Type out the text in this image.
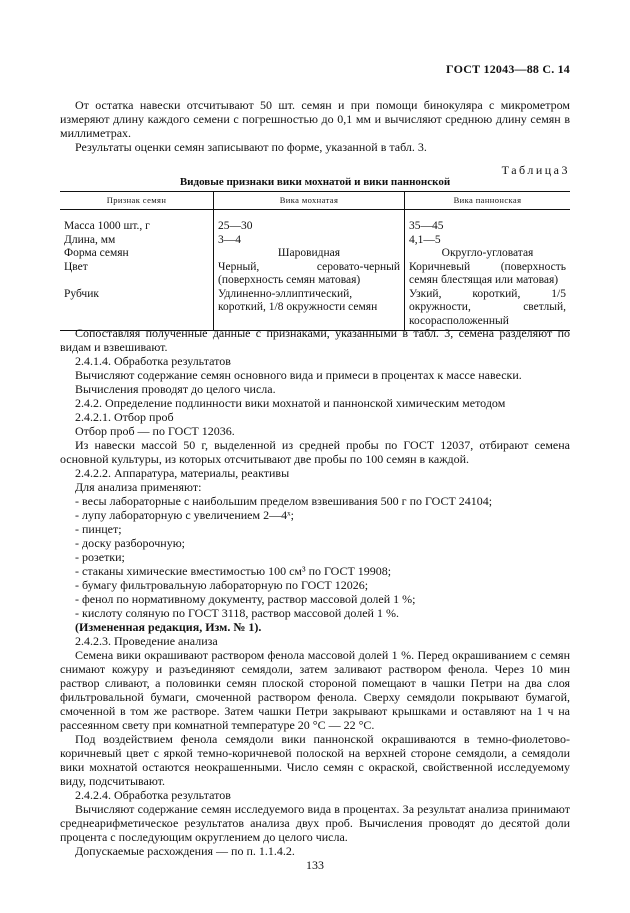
ГОСТ 12043—88 С. 14

От остатка навески отсчитывают 50 шт. семян и при помощи бинокуляра с микрометром измеряют длину каждого семени с погрешностью до 0,1 мм и вычисляют среднюю длину семян в миллиметрах.

Результаты оценки семян записывают по форме, указанной в табл. 3.

Таблица3
Видовые признаки вики мохнатой и вики паннонской
Признак семян	Вика мохнатая	Вика паннонская

Масса 1000 шт., г	25—30	35—45
Длина, мм	3—4	4,1—5
Форма семян	Шаровидная	Округло-угловатая
Цвет	Черный, серовато-черный (поверхность семян матовая)	Коричневый (поверхность семян блестящая или матовая)
Рубчик	Удлиненно-эллиптический, короткий, 1/8 окружности семян	Узкий, короткий, 1/5 окружности, светлый, косорасположенный

Сопоставляя полученные данные с признаками, указанными в табл. 3, семена разделяют по видам и взвешивают.

2.4.1.4. Обработка результатов

Вычисляют содержание семян основного вида и примеси в процентах к массе навески.

Вычисления проводят до целого числа.

2.4.2. Определение подлинности вики мохнатой и паннонской химическим методом

2.4.2.1. Отбор проб

Отбор проб — по ГОСТ 12036.

Из навески массой 50 г, выделенной из средней пробы по ГОСТ 12037, отбирают семена основной культуры, из которых отсчитывают две пробы по 100 семян в каждой.

2.4.2.2. Аппаратура, материалы, реактивы

Для анализа применяют:

- весы лабораторные с наибольшим пределом взвешивания 500 г по ГОСТ 24104;

- лупу лабораторную с увеличением 2—4ˣ;

- пинцет;

- доску разборочную;

- розетки;

- стаканы химические вместимостью 100 см³ по ГОСТ 19908;

- бумагу фильтровальную лабораторную по ГОСТ 12026;

- фенол по нормативному документу, раствор массовой долей 1 %;

- кислоту соляную по ГОСТ 3118, раствор массовой долей 1 %.

(Измененная редакция, Изм. № 1).

2.4.2.3. Проведение анализа

Семена вики окрашивают раствором фенола массовой долей 1 %. Перед окрашиванием с семян снимают кожуру и разъединяют семядоли, затем заливают раствором фенола. Через 10 мин раствор сливают, а половинки семян плоской стороной помещают в чашки Петри на два слоя фильтровальной бумаги, смоченной раствором фенола. Сверху семядоли покрывают бумагой, смоченной в том же растворе. Затем чашки Петри закрывают крышками и оставляют на 1 ч на рассеянном свету при комнатной температуре 20 °С — 22 °С.

Под воздействием фенола семядоли вики паннонской окрашиваются в темно-фиолетово-коричневый цвет с яркой темно-коричневой полоской на верхней стороне семядоли, а семядоли вики мохнатой остаются неокрашенными. Число семян с окраской, свойственной исследуемому виду, подсчитывают.

2.4.2.4. Обработка результатов

Вычисляют содержание семян исследуемого вида в процентах. За результат анализа принимают среднеарифметическое результатов анализа двух проб. Вычисления проводят до десятой доли процента с последующим округлением до целого числа.

Допускаемые расхождения — по п. 1.1.4.2.

133
